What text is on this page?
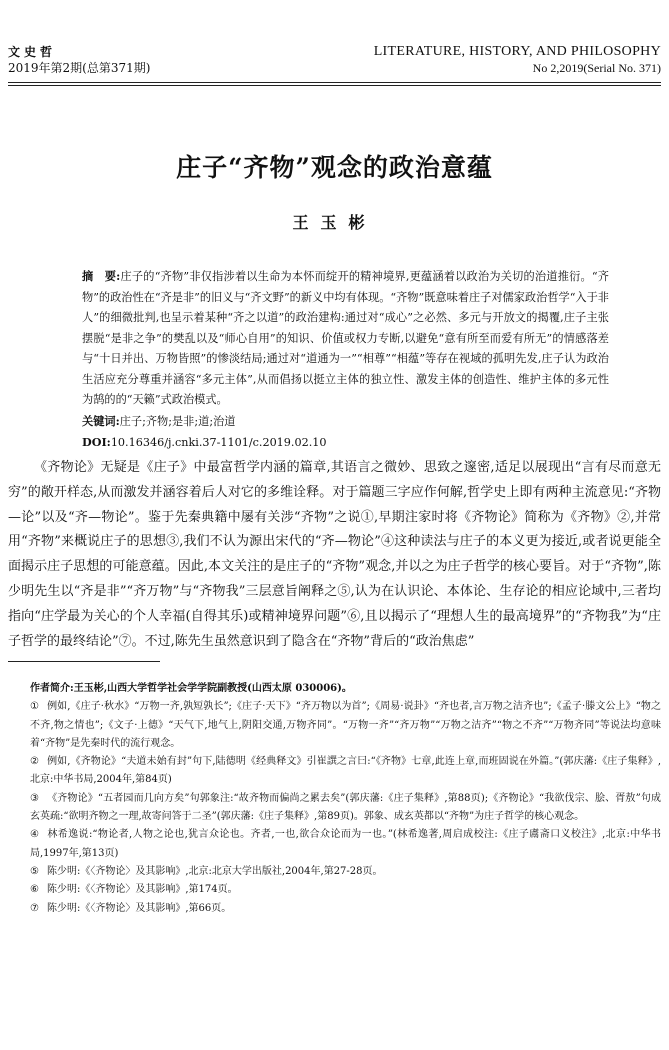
文史哲
2019年第2期(总第371期)
LITERATURE, HISTORY, AND PHILOSOPHY
No 2,2019(Serial No. 371)
庄子“齐物”观念的政治意蕴
王玉彬

摘　要:庄子的“齐物”非仅指涉着以生命为本怀而绽开的精神境界,更蕴涵着以政治为关切的治道推衍。“齐物”的政治性在“齐是非”的旧义与“齐文野”的新义中均有体现。“齐物”既意味着庄子对儒家政治哲学“入于非人”的细微批判,也呈示着某种“齐之以道”的政治建构:通过对“成心”之必然、多元与开放文的揭覆,庄子主张摆脱“是非之争”的樊乱以及“师心自用”的知识、价值或权力专断,以避免“意有所至而爱有所无”的情感落差与“十日并出、万物皆照”的惨淡结局;通过对“道通为一”“相尊”“相蕴”等存在视域的孤明先发,庄子认为政治生活应充分尊重并涵容“多元主体”,从而倡扬以挺立主体的独立性、激发主体的创造性、维护主体的多元性为鹄的的“天籁”式政治模式。

关键词:庄子;齐物;是非;道;治道

DOI:10.16346/j.cnki.37-1101/c.2019.02.10

《齐物论》无疑是《庄子》中最富哲学内涵的篇章,其语言之微妙、思致之邃密,适足以展现出“言有尽而意无穷”的敞开样态,从而激发并涵容着后人对它的多维诠释。对于篇题三字应作何解,哲学史上即有两种主流意见:“齐物—论”以及“齐—物论”。鉴于先秦典籍中屡有关涉“齐物”之说①,早期注家时将《齐物论》简称为《齐物》②,并常用“齐物”来概说庄子的思想③,我们不认为源出宋代的“齐—物论”④这种读法与庄子的本义更为接近,或者说更能全面揭示庄子思想的可能意蕴。因此,本文关注的是庄子的“齐物”观念,并以之为庄子哲学的核心要旨。对于“齐物”,陈少明先生以“齐是非”“齐万物”与“齐物我”三层意旨阐释之⑤,认为在认识论、本体论、生存论的相应论域中,三者均指向“庄学最为关心的个人幸福(自得其乐)或精神境界问题”⑥,且以揭示了“理想人生的最高境界”的“齐物我”为“庄子哲学的最终结论”⑦。不过,陈先生虽然意识到了隐含在“齐物”背后的“政治焦虑”

作者简介:王玉彬,山西大学哲学社会学学院副教授(山西太原 030006)。

① 例如,《庄子·秋水》“万物一齐,孰短孰长”;《庄子·天下》“齐万物以为首”;《周易·说卦》“齐也者,言万物之洁齐也”;《孟子·滕文公上》“物之不齐,物之情也”;《文子·上德》“天气下,地气上,阴阳交通,万物齐同”。“万物一齐”“齐万物”“万物之洁齐”“物之不齐”“万物齐同”等说法均意味着“齐物”是先秦时代的流行观念。

② 例如,《齐物论》“夫道未始有封”句下,陆德明《经典释文》引崔譔之言曰:“《齐物》七章,此连上章,而班固说在外篇。”(郭庆藩:《庄子集释》,北京:中华书局,2004年,第84页)

③ 《齐物论》“五者园而几向方矣”句郭象注:“故齐物而偏尚之累去矣”(郭庆藩:《庄子集释》,第88页);《齐物论》“我欲伐宗、脍、胥敖”句成玄英疏:“欲明齐物之一理,故寄问答于二圣”(郭庆藩:《庄子集释》,第89页)。郭象、成玄英都以“齐物”为庄子哲学的核心观念。

④ 林希逸说:“物论者,人物之论也,犹言众论也。齐者,一也,欲合众论而为一也。”(林希逸著,周启成校注:《庄子鬳斋口义校注》,北京:中华书局,1997年,第13页)

⑤ 陈少明:《〈齐物论〉及其影响》,北京:北京大学出版社,2004年,第27-28页。

⑥ 陈少明:《〈齐物论〉及其影响》,第174页。

⑦ 陈少明:《〈齐物论〉及其影响》,第66页。
